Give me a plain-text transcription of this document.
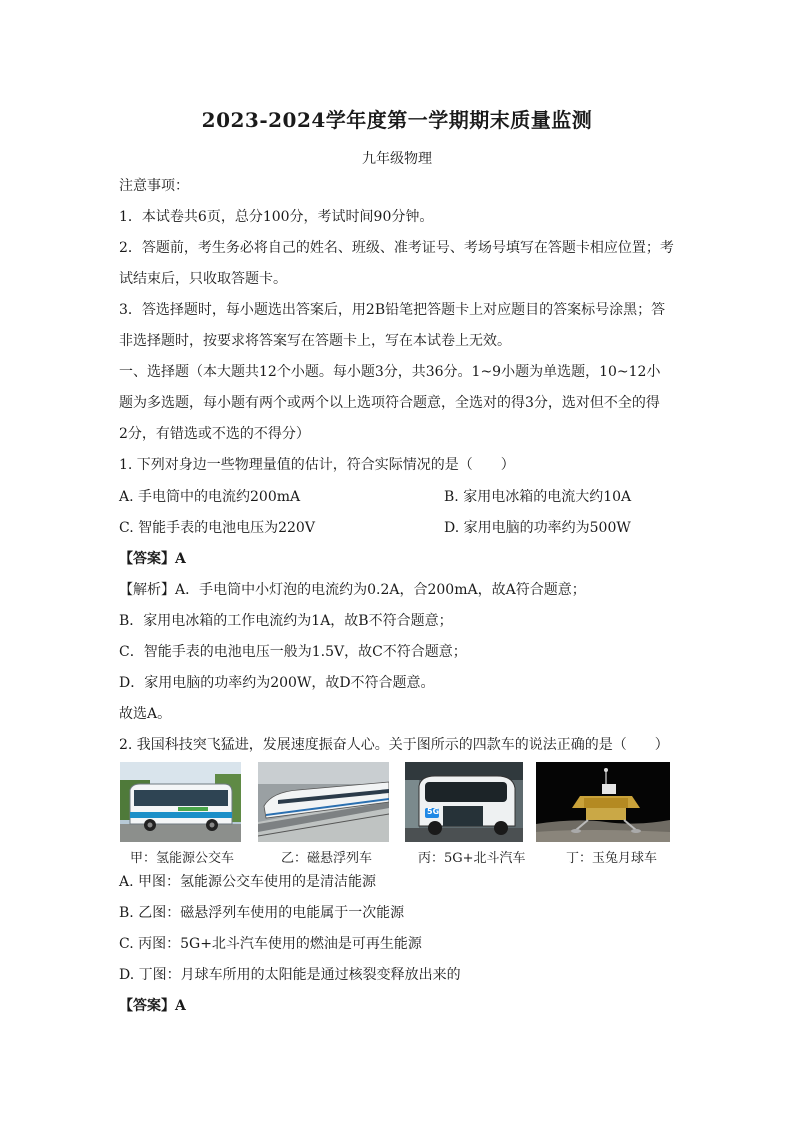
2023-2024学年度第一学期期末质量监测
九年级物理
注意事项：
1．本试卷共6页，总分100分，考试时间90分钟。
2．答题前，考生务必将自己的姓名、班级、准考证号、考场号填写在答题卡相应位置；考
试结束后，只收取答题卡。
3．答选择题时，每小题选出答案后，用2B铅笔把答题卡上对应题目的答案标号涂黑；答
非选择题时，按要求将答案写在答题卡上，写在本试卷上无效。
一、选择题（本大题共12个小题。每小题3分，共36分。1~9小题为单选题，10~12小
题为多选题，每小题有两个或两个以上选项符合题意，全选对的得3分，选对但不全的得
2分，有错选或不选的不得分）
1. 下列对身边一些物理量值的估计，符合实际情况的是（　　）
A. 手电筒中的电流约200mA	B. 家用电冰箱的电流大约10A
C. 智能手表的电池电压为220V	D. 家用电脑的功率约为500W
【答案】A
【解析】A．手电筒中小灯泡的电流约为0.2A，合200mA，故A符合题意；
B．家用电冰箱的工作电流约为1A，故B不符合题意；
C．智能手表的电池电压一般为1.5V，故C不符合题意；
D．家用电脑的功率约为200W，故D不符合题意。
故选A。
2. 我国科技突飞猛进，发展速度振奋人心。关于图所示的四款车的说法正确的是（　　）
5G
甲：氢能源公交车	乙：磁悬浮列车	丙：5G+北斗汽车	丁：玉兔月球车
A. 甲图：氢能源公交车使用的是清洁能源
B. 乙图：磁悬浮列车使用的电能属于一次能源
C. 丙图：5G+北斗汽车使用的燃油是可再生能源
D. 丁图：月球车所用的太阳能是通过核裂变释放出来的
【答案】A
